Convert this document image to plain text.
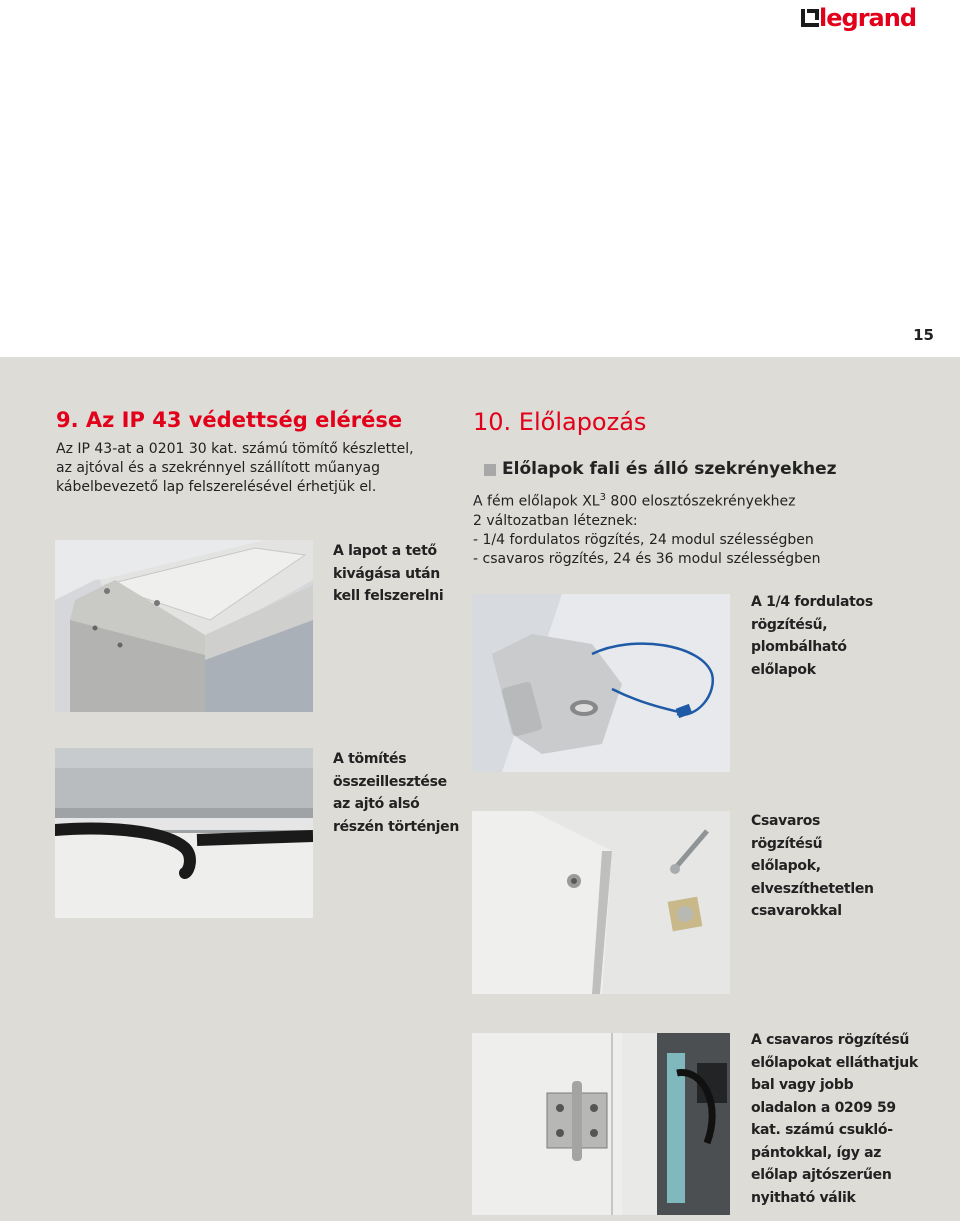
legrand
15
9. Az IP 43 védettség elérése
Az IP 43-at a 0201 30 kat. számú tömítő készlettel,
az ajtóval és a szekrénnyel szállított műanyag
kábelbevezető lap felszerelésével érhetjük el.
A lapot a tető
kivágása után
kell felszerelni
A tömítés
összeillesztése
az ajtó alsó
részén történjen
10. Előlapozás
Előlapok fali és álló szekrényekhez
A fém előlapok $XL^3$ 800 elosztószekrényekhez
2 változatban léteznek:
- 1/4 fordulatos rögzítés, 24 modul szélességben
- csavaros rögzítés, 24 és 36 modul szélességben
A 1/4 fordulatos
rögzítésű,
plombálható
előlapok
Csavaros
rögzítésű
előlapok,
elveszíthetetlen
csavarokkal
A csavaros rögzítésű
előlapokat elláthatjuk
bal vagy jobb
oladalon a 0209 59
kat. számú csukló-
pántokkal, így az
előlap ajtószerűen
nyitható válik
